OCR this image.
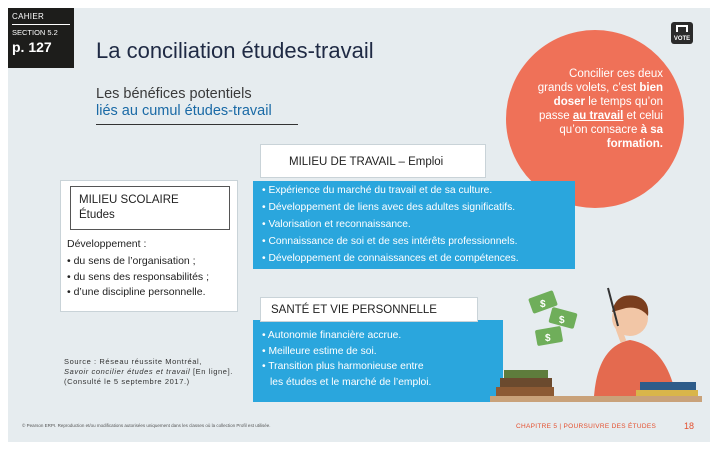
CAHIER
SECTION 5.2
p. 127 La conciliation études-travail	VOTE
Les bénéfices potentiels
liés au cumul études-travail
Concilier ces deux grands volets, c’est bien doser le temps qu’on passe au travail et celui qu’on consacre à sa formation.
MILIEU DE TRAVAIL – Emploi
• Expérience du marché du travail et de sa culture.
• Développement de liens avec des adultes significatifs.
• Valorisation et reconnaissance.
• Connaissance de soi et de ses intérêts professionnels.
• Développement de connaissances et de compétences.
MILIEU SCOLAIRE
Études
Développement :
• du sens de l’organisation ;
• du sens des responsabilités ;
• d’une discipline personnelle.
SANTÉ ET VIE PERSONNELLE
• Autonomie financière accrue.
• Meilleure estime de soi.
• Transition plus harmonieuse entre
les études et le marché de l’emploi.
Source : Réseau réussite Montréal,
Savoir concilier études et travail [En ligne].
(Consulté le 5 septembre 2017.)
$
$
$
© Pearson ERPI. Reproduction et/ou modifications autorisées uniquement dans les classes où la collection Profil est utilisée.	CHAPITRE 5 | POURSUIVRE DES ÉTUDES	18
